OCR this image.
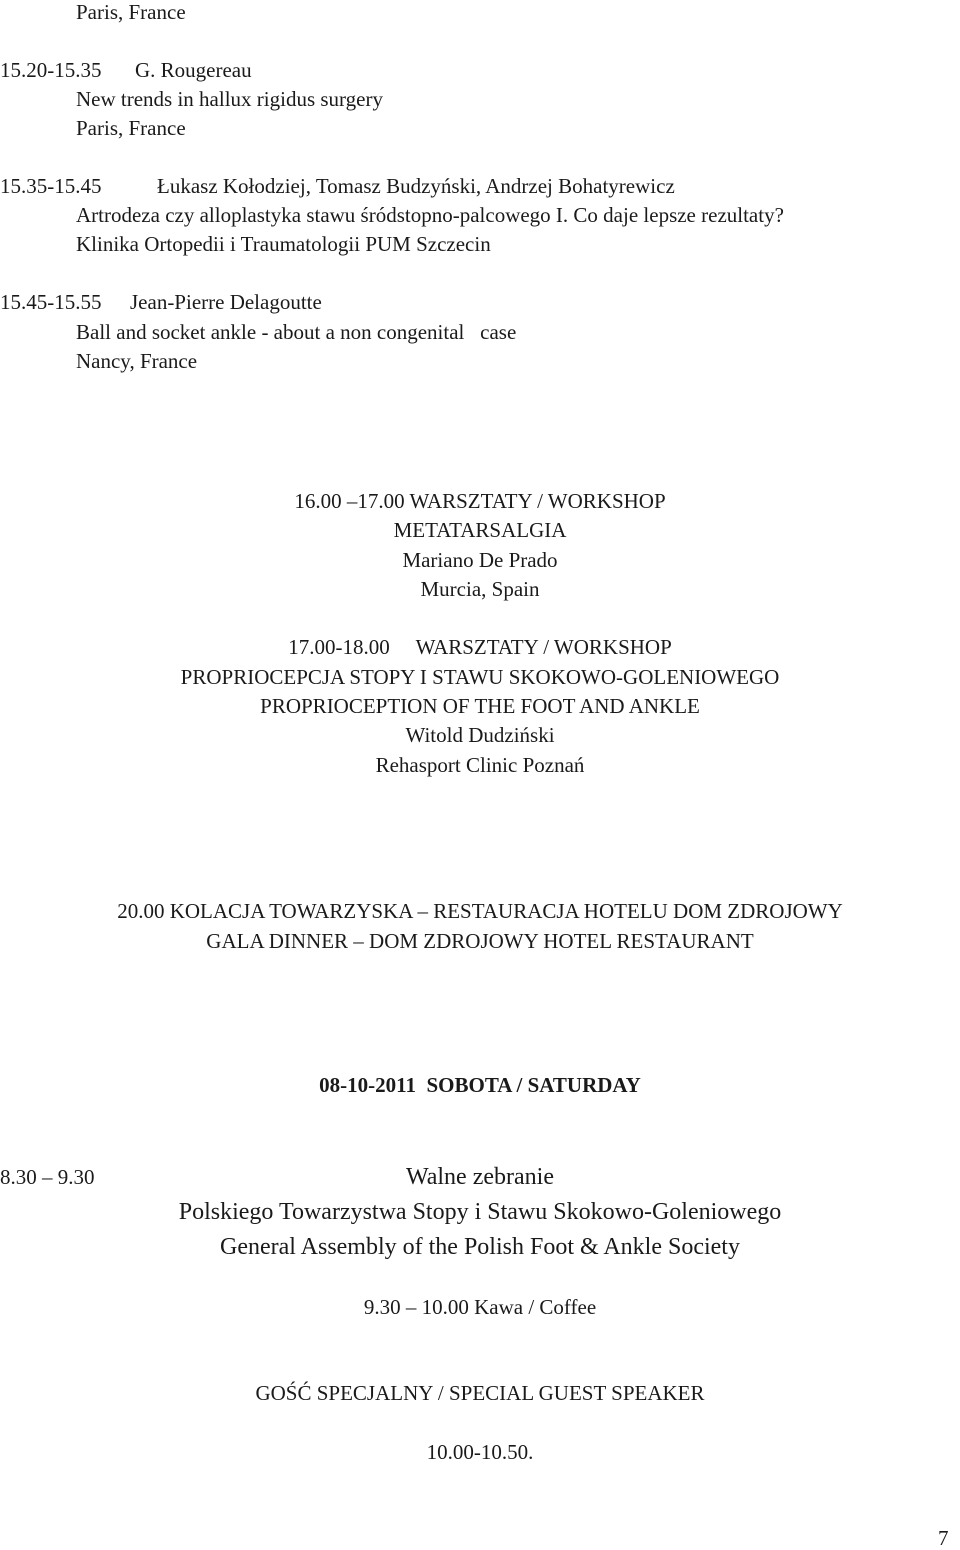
Paris, France

15.20-15.35 G. Rougereau

New trends in hallux rigidus surgery

Paris, France

15.35-15.45	Łukasz Kołodziej, Tomasz Budzyński, Andrzej Bohatyrewicz

Artrodeza czy alloplastyka stawu śródstopno-palcowego I. Co daje lepsze rezultaty?

Klinika Ortopedii i Traumatologii PUM Szczecin

15.45-15.55 Jean-Pierre Delagoutte

Ball and socket ankle - about a non congenital   case

Nancy, France

16.00 –17.00 WARSZTATY / WORKSHOP

METATARSALGIA

Mariano De Prado

Murcia, Spain

17.00-18.00     WARSZTATY / WORKSHOP

PROPRIOCEPCJA STOPY I STAWU SKOKOWO-GOLENIOWEGO

PROPRIOCEPTION OF THE FOOT AND ANKLE

Witold Dudziński

Rehasport Clinic Poznań

20.00 KOLACJA TOWARZYSKA – RESTAURACJA HOTELU DOM ZDROJOWY

GALA DINNER – DOM ZDROJOWY HOTEL RESTAURANT

08-10-2011  SOBOTA / SATURDAY

8.30 – 9.30	Walne zebranie

Polskiego Towarzystwa Stopy i Stawu Skokowo-Goleniowego

General Assembly of the Polish Foot & Ankle Society

9.30 – 10.00 Kawa / Coffee

GOŚĆ SPECJALNY / SPECIAL GUEST SPEAKER

10.00-10.50.

7
